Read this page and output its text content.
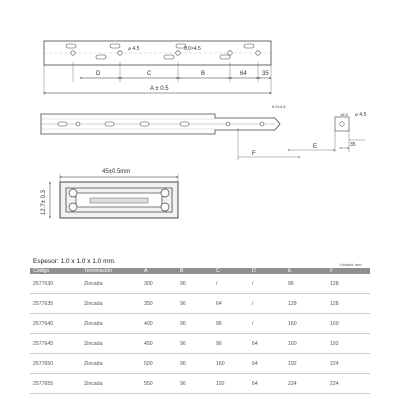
⌀ 4.5	9.0×4.5
D	C	B	64	35
A ± 0.5
9.0×4.5
16.5 ⌀ 4.5
F
E	35
45±0.5mm
12.7± 0.3
Espesor: 1.0 x 1.0 x 1.0 mm.	Unidad: mm
Código	Terminación	A	B	C	D	E	F
2577630	Zincada	300	96	/	/	96	128
2577635	Zincada	350	96	64	/	128	128
2577640	Zincada	400	96	96	/	160	160
2577645	Zincada	450	96	96	64	160	192
2577650	Zincada	500	96	160	64	192	224
2577655	Zincada	550	96	192	64	224	224
